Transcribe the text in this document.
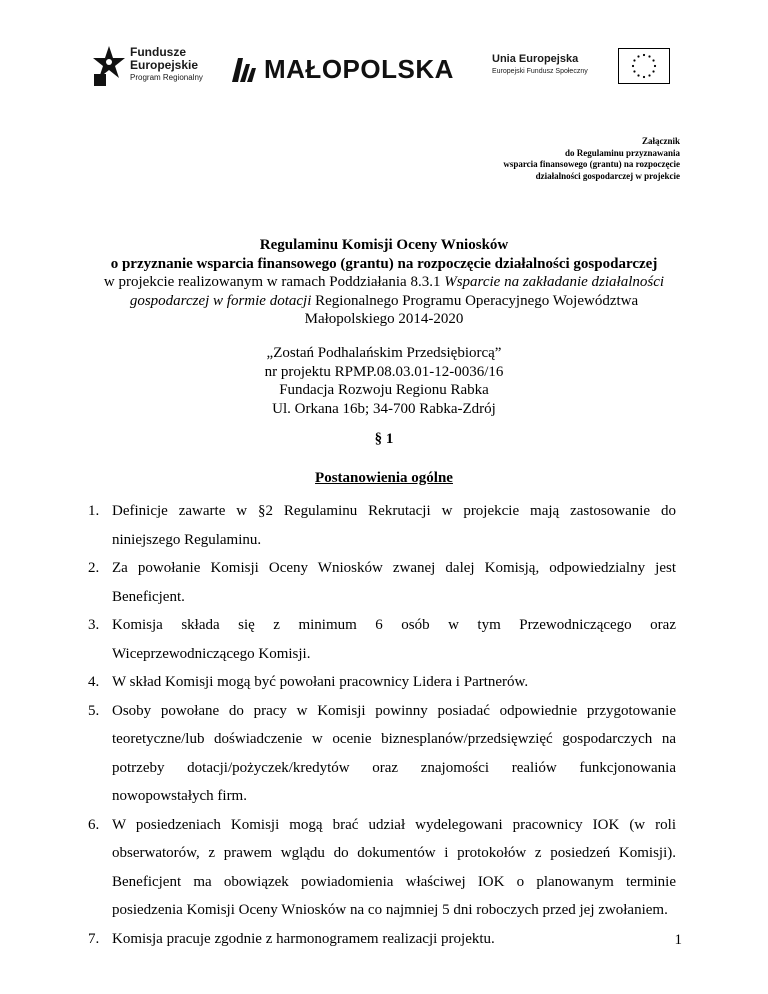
Fundusze
Europejskie
Program Regionalny MAŁOPOLSKA	Unia Europejska
Europejski Fundusz Społeczny
Załącznik
do Regulaminu przyznawania
wsparcia finansowego (grantu) na rozpoczęcie
działalności gospodarczej w projekcie
Regulaminu Komisji Oceny Wniosków
o przyznanie wsparcia finansowego (grantu) na rozpoczęcie działalności gospodarczej
w projekcie realizowanym w ramach Poddziałania 8.3.1 Wsparcie na zakładanie działalności
gospodarczej w formie dotacji Regionalnego Programu Operacyjnego Województwa
Małopolskiego 2014-2020
„Zostań Podhalańskim Przedsiębiorcą”
nr projektu RPMP.08.03.01-12-0036/16
Fundacja Rozwoju Regionu Rabka
Ul. Orkana 16b; 34-700 Rabka-Zdrój
§ 1
Postanowienia ogólne
1. Definicje zawarte w §2 Regulaminu Rekrutacji w projekcie mają zastosowanie do
niniejszego Regulaminu.
2. Za powołanie Komisji Oceny Wniosków zwanej dalej Komisją, odpowiedzialny jest
Beneficjent.
3. Komisja składa się z minimum 6 osób w tym Przewodniczącego oraz
Wiceprzewodniczącego Komisji.
4. W skład Komisji mogą być powołani pracownicy Lidera i Partnerów.
5. Osoby powołane do pracy w Komisji powinny posiadać odpowiednie przygotowanie
teoretyczne/lub doświadczenie w ocenie biznesplanów/przedsięwzięć gospodarczych na
potrzeby dotacji/pożyczek/kredytów oraz znajomości realiów funkcjonowania
nowopowstałych firm.
6. W posiedzeniach Komisji mogą brać udział wydelegowani pracownicy IOK (w roli
obserwatorów, z prawem wglądu do dokumentów i protokołów z posiedzeń Komisji).
Beneficjent ma obowiązek powiadomienia właściwej IOK o planowanym terminie
posiedzenia Komisji Oceny Wniosków na co najmniej 5 dni roboczych przed jej zwołaniem.
7. Komisja pracuje zgodnie z harmonogramem realizacji projektu.	1
